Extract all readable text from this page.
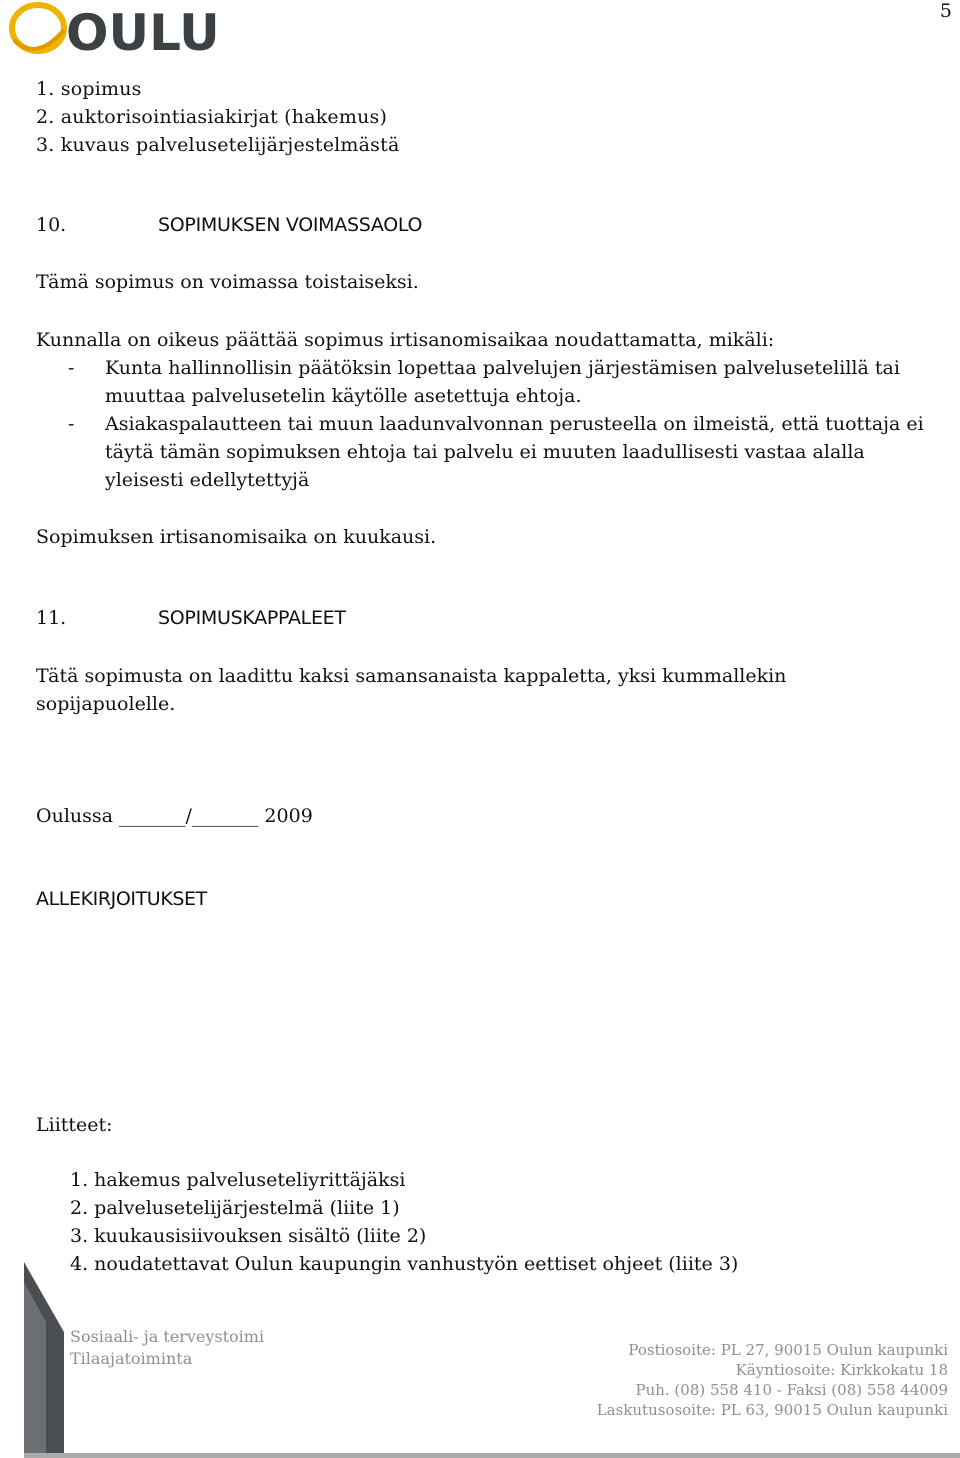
OULU	5
1. sopimus
2. auktorisointiasiakirjat (hakemus)
3. kuvaus palvelusetelijärjestelmästä
10.	SOPIMUKSEN VOIMASSAOLO
Tämä sopimus on voimassa toistaiseksi.
Kunnalla on oikeus päättää sopimus irtisanomisaikaa noudattamatta, mikäli:
- Kunta hallinnollisin päätöksin lopettaa palvelujen järjestämisen palvelusetelillä tai muuttaa palvelusetelin käytölle asetettuja ehtoja.
- Asiakaspalautteen tai muun laadunvalvonnan perusteella on ilmeistä, että tuottaja ei täytä tämän sopimuksen ehtoja tai palvelu ei muuten laadullisesti vastaa alalla yleisesti edellytettyjä
Sopimuksen irtisanomisaika on kuukausi.
11.	SOPIMUSKAPPALEET
Tätä sopimusta on laadittu kaksi samansanaista kappaletta, yksi kummallekin sopijapuolelle.
Oulussa _______/_______ 2009
ALLEKIRJOITUKSET
Liitteet:
1. hakemus palveluseteliyrittäjäksi
2. palvelusetelijärjestelmä (liite 1)
3. kuukausisiivouksen sisältö (liite 2)
4. noudatettavat Oulun kaupungin vanhustyön eettiset ohjeet (liite 3)
Sosiaali- ja terveystoimi
Tilaajatoiminta	Postiosoite: PL 27, 90015 Oulun kaupunki
Käyntiosoite: Kirkkokatu 18
Puh. (08) 558 410 - Faksi (08) 558 44009
Laskutusosoite: PL 63, 90015 Oulun kaupunki
